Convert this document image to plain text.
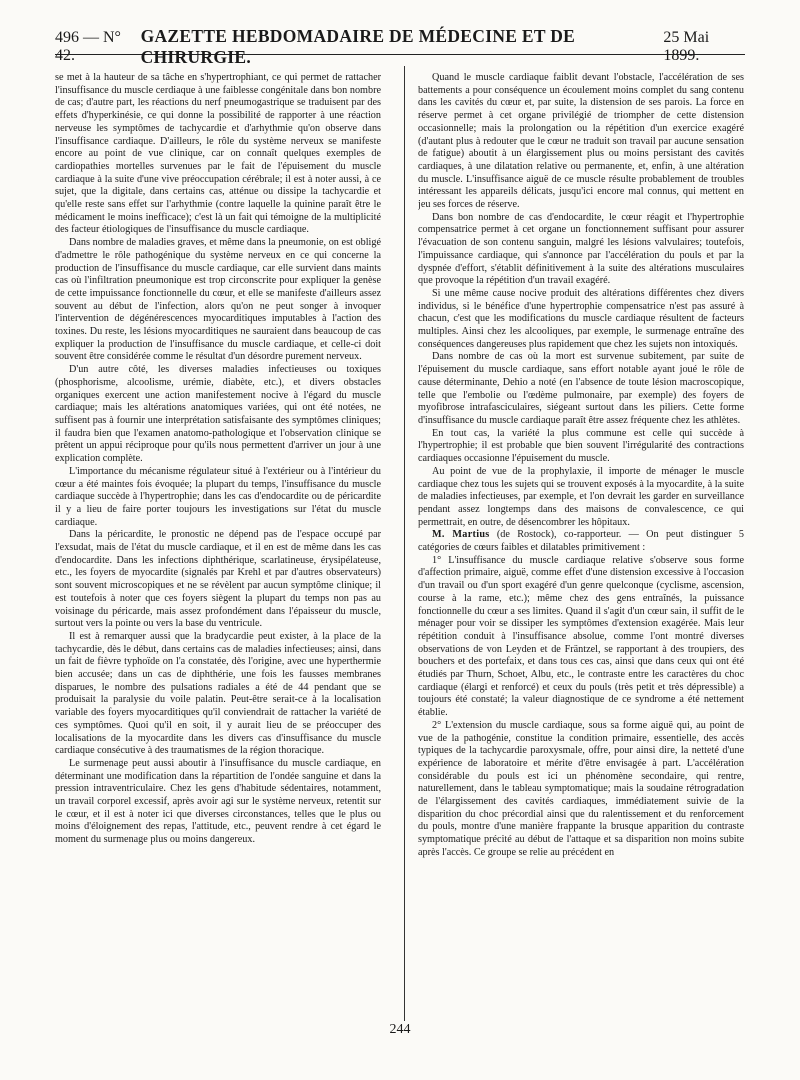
496 — N° 42.
GAZETTE HEBDOMADAIRE DE MÉDECINE ET DE CHIRURGIE.
25 Mai 1899.

se met à la hauteur de sa tâche en s'hypertrophiant, ce qui permet de rattacher l'insuffisance du muscle cerdiaque à une faiblesse congénitale dans bon nombre de cas; d'autre part, les réactions du nerf pneumogastrique se traduisent par des effets d'hyperkinésie, ce qui donne la possibilité de rapporter à une réaction nerveuse les symptômes de tachycardie et d'arhythmie qu'on observe dans l'insuffisance cardiaque. D'ailleurs, le rôle du système nerveux se manifeste encore au point de vue clinique, car on connaît quelques exemples de cardiopathies mortelles survenues par le fait de l'épuisement du muscle cardiaque à la suite d'une vive préoccupation cérébrale; il est à noter aussi, à ce sujet, que la digitale, dans certains cas, atténue ou dissipe la tachycardie et qu'elle reste sans effet sur l'arhythmie (contre laquelle la quinine paraît être le médicament le moins inefficace); c'est là un fait qui témoigne de la multiplicité des facteur étiologiques de l'insuffisance du muscle cardiaque.

Dans nombre de maladies graves, et même dans la pneumonie, on est obligé d'admettre le rôle pathogénique du système nerveux en ce qui concerne la production de l'insuffisance du muscle cardiaque, car elle survient dans maints cas où l'infiltration pneumonique est trop circonscrite pour expliquer la genèse de cette impuissance fonctionnelle du cœur, et elle se manifeste d'ailleurs assez souvent au début de l'infection, alors qu'on ne peut songer à invoquer l'intervention de dégénérescences myocarditiques imputables à l'action des toxines. Du reste, les lésions myocarditiques ne sauraient dans beaucoup de cas expliquer la production de l'insuffisance du muscle cardiaque, et celle-ci doit souvent être considérée comme le résultat d'un désordre purement nerveux.

D'un autre côté, les diverses maladies infectieuses ou toxiques (phosphorisme, alcoolisme, urémie, diabète, etc.), et divers obstacles organiques exercent une action manifestement nocive à l'égard du muscle cardiaque; mais les altérations anatomiques variées, qui ont été notées, ne suffisent pas à fournir une interprétation satisfaisante des symptômes cliniques; il faudra bien que l'examen anatomo-pathologique et l'observation clinique se prêtent un appui réciproque pour qu'ils nous permettent d'arriver un jour à une explication complète.

L'importance du mécanisme régulateur situé à l'extérieur ou à l'intérieur du cœur a été maintes fois évoquée; la plupart du temps, l'insuffisance du muscle cardiaque succède à l'hypertrophie; dans les cas d'endocardite ou de péricardite il y a lieu de faire porter toujours les investigations sur l'état du muscle cardiaque.

Dans la péricardite, le pronostic ne dépend pas de l'espace occupé par l'exsudat, mais de l'état du muscle cardiaque, et il en est de même dans les cas d'endocardite. Dans les infections diphthérique, scarlatineuse, érysipélateuse, etc., les foyers de myocardite (signalés par Krehl et par d'autres observateurs) sont souvent microscopiques et ne se révèlent par aucun symptôme clinique; il est toutefois à noter que ces foyers siègent la plupart du temps non pas au voisinage du péricarde, mais assez profondément dans l'épaisseur du muscle, surtout vers la pointe ou vers la base du ventricule.

Il est à remarquer aussi que la bradycardie peut exister, à la place de la tachycardie, dès le début, dans certains cas de maladies infectieuses; ainsi, dans un fait de fièvre typhoïde on l'a constatée, dès l'origine, avec une hyperthermie bien accusée; dans un cas de diphthérie, une fois les fausses membranes disparues, le nombre des pulsations radiales a été de 44 pendant que se produisait la paralysie du voile palatin. Peut-être serait-ce à la localisation variable des foyers myocarditiques qu'il conviendrait de rattacher la variété de ces symptômes. Quoi qu'il en soit, il y aurait lieu de se préoccuper des localisations de la myocardite dans les divers cas d'insuffisance du muscle cardiaque consécutive à des traumatismes de la région thoracique.

Le surmenage peut aussi aboutir à l'insuffisance du muscle cardiaque, en déterminant une modification dans la répartition de l'ondée sanguine et dans la pression intraventriculaire. Chez les gens d'habitude sédentaires, notamment, un travail corporel excessif, après avoir agi sur le système nerveux, retentit sur le cœur, et il est à noter ici que diverses circonstances, telles que le plus ou moins d'éloignement des repas, l'attitude, etc., peuvent rendre à cet égard le moment du surmenage plus ou moins dangereux.

Quand le muscle cardiaque faiblit devant l'obstacle, l'accélération de ses battements a pour conséquence un écoulement moins complet du sang contenu dans les cavités du cœur et, par suite, la distension de ses parois. La force en réserve permet à cet organe privilégié de triompher de cette distension occasionnelle; mais la prolongation ou la répétition d'un exercice exagéré (d'autant plus à redouter que le cœur ne traduit son travail par aucune sensation de fatigue) aboutit à un élargissement plus ou moins persistant des cavités cardiaques, à une dilatation relative ou permanente, et, enfin, à une altération du muscle. L'insuffisance aiguë de ce muscle résulte probablement de troubles intéressant les appareils délicats, jusqu'ici encore mal connus, qui mettent en jeu ses forces de réserve.

Dans bon nombre de cas d'endocardite, le cœur réagit et l'hypertrophie compensatrice permet à cet organe un fonctionnement suffisant pour assurer l'évacuation de son contenu sanguin, malgré les lésions valvulaires; toutefois, l'impuissance cardiaque, qui s'annonce par l'accélération du pouls et par la dyspnée d'effort, s'établit définitivement à la suite des altérations musculaires que provoque la répétition d'un travail exagéré.

Si une même cause nocive produit des altérations différentes chez divers individus, si le bénéfice d'une hypertrophie compensatrice n'est pas assuré à chacun, c'est que les modifications du muscle cardiaque résultent de facteurs multiples. Ainsi chez les alcooliques, par exemple, le surmenage entraîne des conséquences dangereuses plus rapidement que chez les sujets non intoxiqués.

Dans nombre de cas où la mort est survenue subitement, par suite de l'épuisement du muscle cardiaque, sans effort notable ayant joué le rôle de cause déterminante, Dehio a noté (en l'absence de toute lésion macroscopique, telle que l'embolie ou l'œdème pulmonaire, par exemple) des foyers de myofibrose intrafasciculaires, siégeant surtout dans les piliers. Cette forme d'insuffisance du muscle cardiaque paraît être assez fréquente chez les athlètes.

En tout cas, la variété la plus commune est celle qui succède à l'hypertrophie; il est probable que bien souvent l'irrégularité des contractions cardiaques occasionne l'épuisement du muscle.

Au point de vue de la prophylaxie, il importe de ménager le muscle cardiaque chez tous les sujets qui se trouvent exposés à la myocardite, à la suite de maladies infectieuses, par exemple, et l'on devrait les garder en surveillance pendant assez longtemps dans des maisons de convalescence, ce qui permettrait, en outre, de désencombrer les hôpitaux.

M. Martius (de Rostock), co-rapporteur. — On peut distinguer 5 catégories de cœurs faibles et dilatables primitivement :

1° L'insuffisance du muscle cardiaque relative s'observe sous forme d'affection primaire, aiguë, comme effet d'une distension excessive à l'occasion d'un travail ou d'un sport exagéré d'un genre quelconque (cyclisme, ascension, course à la rame, etc.); même chez des gens entraînés, la puissance fonctionnelle du cœur a ses limites. Quand il s'agit d'un cœur sain, il suffit de le ménager pour voir se dissiper les symptômes d'extension exagérée. Mais leur répétition conduit à l'insuffisance absolue, comme l'ont montré diverses observations de von Leyden et de Fräntzel, se rapportant à des troupiers, des bouchers et des portefaix, et dans tous ces cas, ainsi que dans ceux qui ont été étudiés par Thurn, Schoet, Albu, etc., le contraste entre les caractères du choc cardiaque (élargi et renforcé) et ceux du pouls (très petit et très dépressible) a toujours été constaté; la valeur diagnostique de ce syndrome a été nettement établie.

2° L'extension du muscle cardiaque, sous sa forme aiguë qui, au point de vue de la pathogénie, constitue la condition primaire, essentielle, des accès typiques de la tachycardie paroxysmale, offre, pour ainsi dire, la netteté d'une expérience de laboratoire et mérite d'être envisagée à part. L'accélération considérable du pouls est ici un phénomène secondaire, qui rentre, naturellement, dans le tableau symptomatique; mais la soudaine rétrogradation de l'élargissement des cavités cardiaques, immédiatement suivie de la disparition du choc précordial ainsi que du ralentissement et du renforcement du pouls, montre d'une manière frappante la brusque apparition du contraste symptomatique précité au début de l'attaque et sa disparition non moins subite après l'accès. Ce groupe se relie au précédent en

244
